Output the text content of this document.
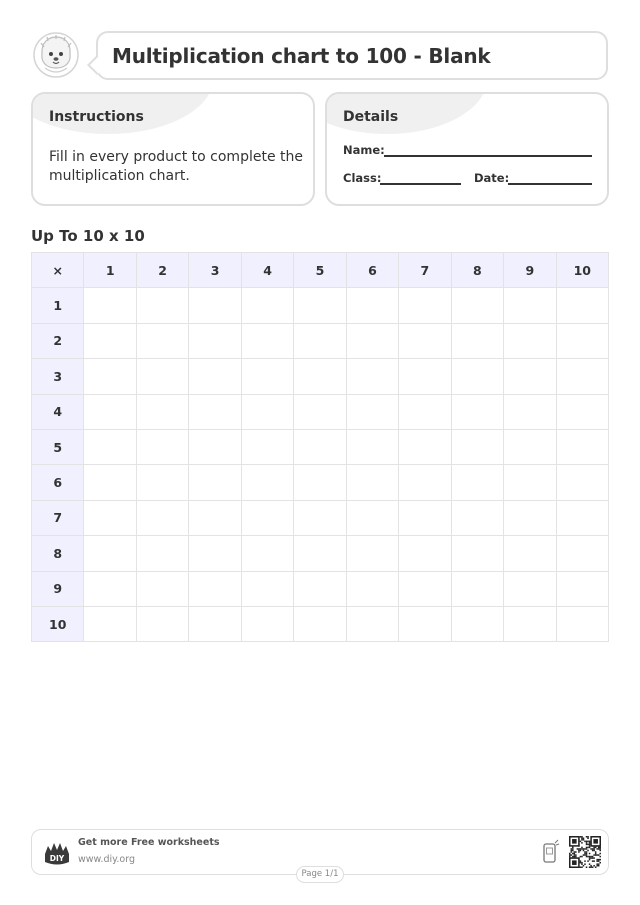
Multiplication chart to 100 - Blank
Instructions
Fill in every product to complete the multiplication chart.
Details
Name:
Class:	Date:
Up To 10 x 10
×	1	2	3	4	5	6	7	8	9	10
1										
2										
3										
4										
5										
6										
7										
8										
9										
10										
DIY
Get more Free worksheets
www.diy.org
Page 1/1
